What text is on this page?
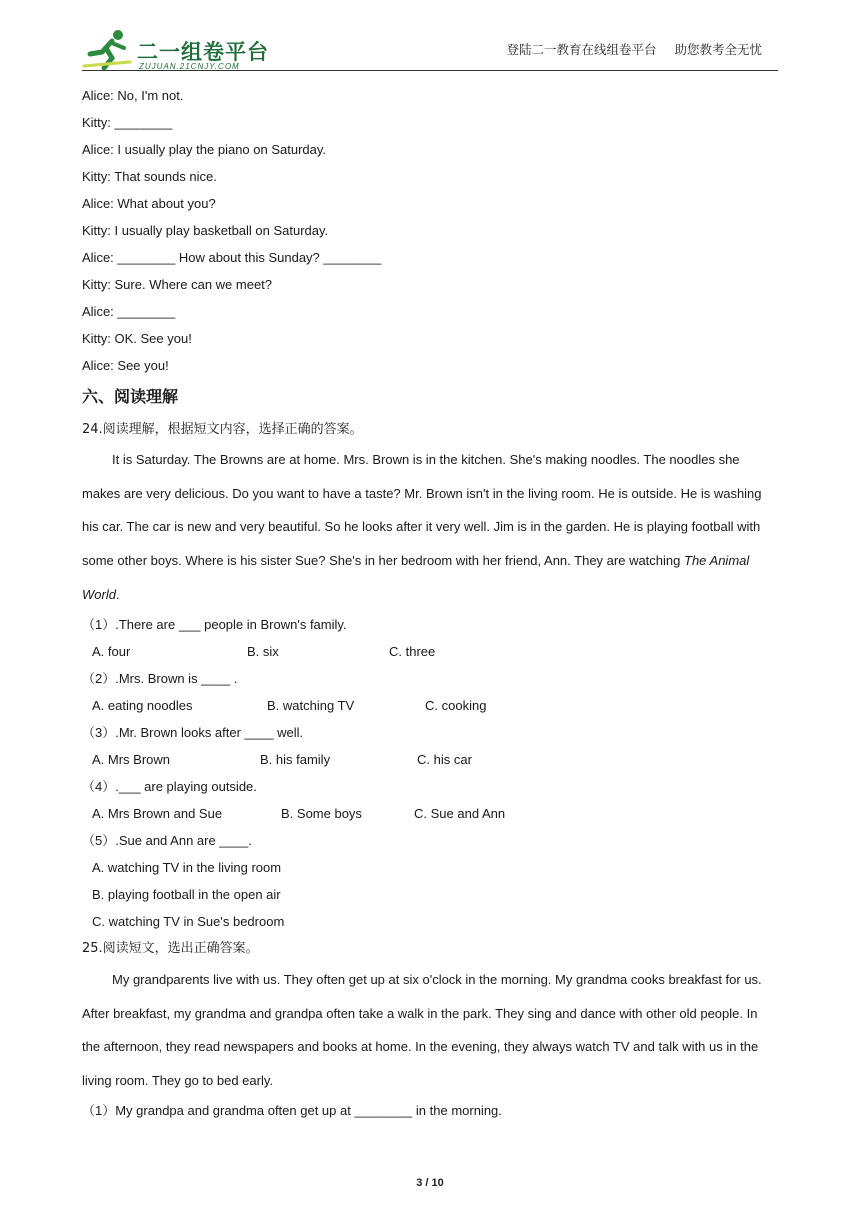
二一组卷平台
ZUJUAN.21CNJY.COM
登陆二一教育在线组卷平台 助您教考全无忧
Alice: No, I'm not.
Kitty: ________
Alice: I usually play the piano on Saturday.
Kitty: That sounds nice.
Alice: What about you?
Kitty: I usually play basketball on Saturday.
Alice: ________ How about this Sunday? ________
Kitty: Sure. Where can we meet?
Alice: ________
Kitty: OK. See you!
Alice: See you!
六、阅读理解
24.阅读理解，根据短文内容，选择正确的答案。
It is Saturday. The Browns are at home. Mrs. Brown is in the kitchen. She's making noodles. The noodles she makes are very delicious. Do you want to have a taste? Mr. Brown isn't in the living room. He is outside. He is washing his car. The car is new and very beautiful. So he looks after it very well. Jim is in the garden. He is playing football with some other boys. Where is his sister Sue? She's in her bedroom with her friend, Ann. They are watching The Animal World.
（1）.There are ___ people in Brown's family.
A. four	B. six	C. three
（2）.Mrs. Brown is ____ .
A. eating noodles	B. watching TV	C. cooking
（3）.Mr. Brown looks after ____ well.
A. Mrs Brown	B. his family	C. his car
（4）.___ are playing outside.
A. Mrs Brown and Sue	B. Some boys	C. Sue and Ann
（5）.Sue and Ann are ____.
A. watching TV in the living room
B. playing football in the open air
C. watching TV in Sue's bedroom
25.阅读短文，选出正确答案。
My grandparents live with us. They often get up at six o'clock in the morning. My grandma cooks breakfast for us. After breakfast, my grandma and grandpa often take a walk in the park. They sing and dance with other old people. In the afternoon, they read newspapers and books at home. In the evening, they always watch TV and talk with us in the living room. They go to bed early.
（1）My grandpa and grandma often get up at ________ in the morning.
3 / 10
